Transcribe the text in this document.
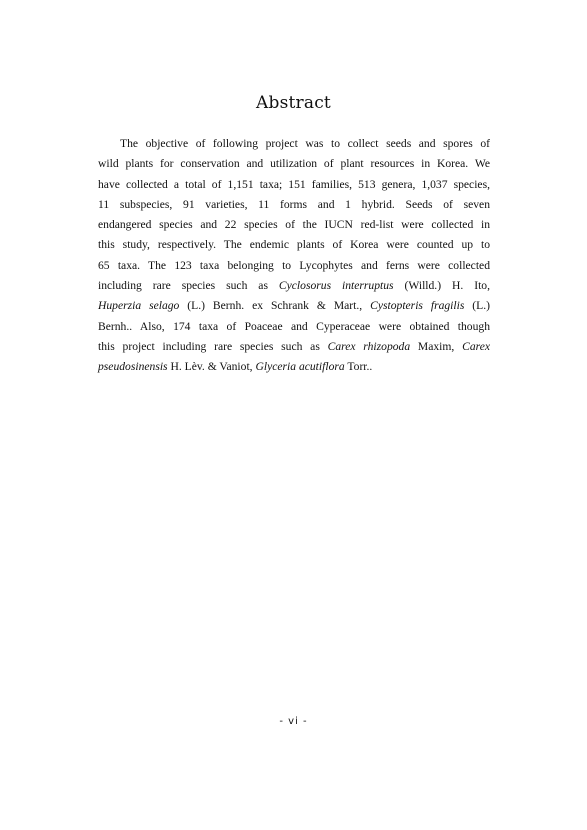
Abstract
The objective of following project was to collect seeds and spores of
wild plants for conservation and utilization of plant resources in Korea. We
have collected a total of 1,151 taxa; 151 families, 513 genera, 1,037 species,
11 subspecies, 91 varieties, 11 forms and 1 hybrid. Seeds of seven
endangered species and 22 species of the IUCN red-list were collected in
this study, respectively. The endemic plants of Korea were counted up to
65 taxa. The 123 taxa belonging to Lycophytes and ferns were collected
including rare species such as Cyclosorus interruptus (Willd.) H. Ito,
Huperzia selago (L.) Bernh. ex Schrank & Mart., Cystopteris fragilis (L.)
Bernh.. Also, 174 taxa of Poaceae and Cyperaceae were obtained though
this project including rare species such as Carex rhizopoda Maxim, Carex
pseudosinensis H. Lèv. & Vaniot, Glyceria acutiflora Torr..
- vi -
